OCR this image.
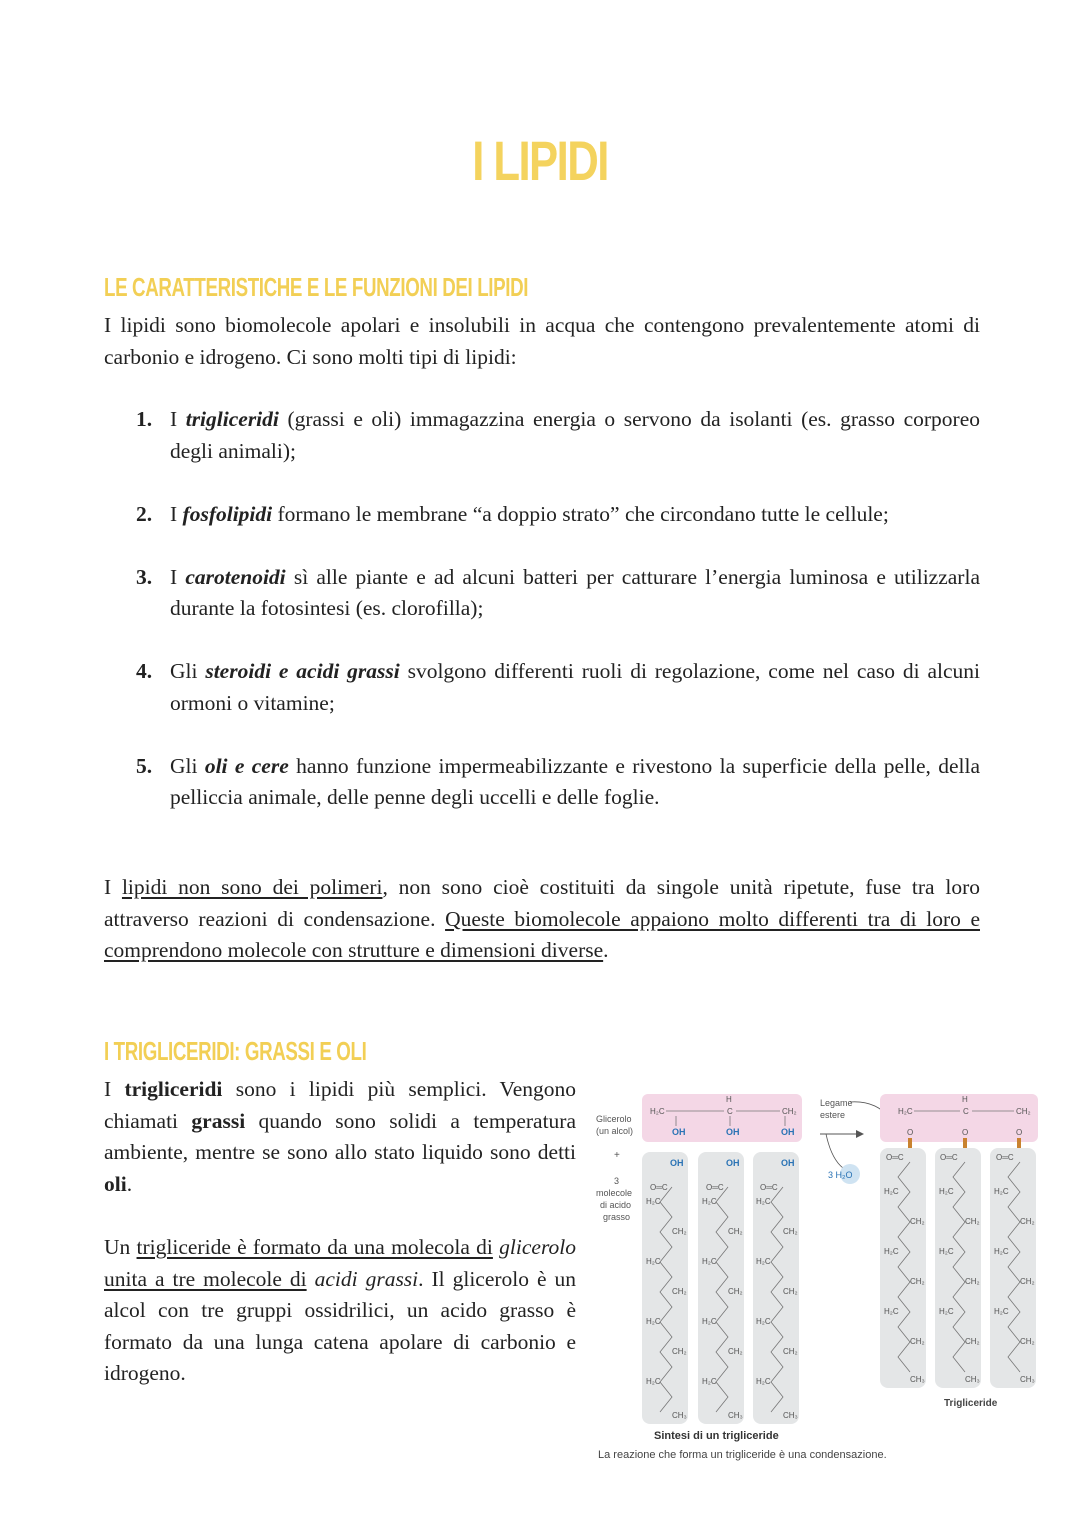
I LIPIDI
LE CARATTERISTICHE E LE FUNZIONI DEI LIPIDI
I lipidi sono biomolecole apolari e insolubili in acqua che contengono prevalentemente atomi di carbonio e idrogeno. Ci sono molti tipi di lipidi:
1. I trigliceridi (grassi e oli) immagazzina energia o servono da isolanti (es. grasso corporeo degli animali);
2. I fosfolipidi formano le membrane “a doppio strato” che circondano tutte le cellule;
3. I carotenoidi sì alle piante e ad alcuni batteri per catturare l’energia luminosa e utilizzarla durante la fotosintesi (es. clorofilla);
4. Gli steroidi e acidi grassi svolgono differenti ruoli di regolazione, come nel caso di alcuni ormoni o vitamine;
5. Gli oli e cere hanno funzione impermeabilizzante e rivestono la superficie della pelle, della pelliccia animale, delle penne degli uccelli e delle foglie.
I lipidi non sono dei polimeri, non sono cioè costituiti da singole unità ripetute, fuse tra loro attraverso reazioni di condensazione. Queste biomolecole appaiono molto differenti tra di loro e comprendono molecole con strutture e dimensioni diverse.
I TRIGLICERIDI: GRASSI E OLI
I trigliceridi sono i lipidi più semplici. Vengono chiamati grassi quando sono solidi a temperatura ambiente, mentre se sono allo stato liquido sono detti oli.
Un trigliceride è formato da una molecola di glicerolo unita a tre molecole di acidi grassi. Il glicerolo è un alcol con tre gruppi ossidrilici, un acido grasso è formato da una lunga catena apolare di carbonio e idrogeno.
H₂C
H
C	CH₂
OH	OH	OH
Glicerolo
(un alcol)
+
3
molecole
di acido
grasso
OH	OH	OH
O═C	O═C	O═C
H₂C	H₂C	H₂C
CH₂	CH₂	CH₂
H₂C	H₂C	H₂C
CH₂	CH₂	CH₂
H₂C	H₂C	H₂C
CH₂	CH₂	CH₂
H₂C	H₂C	H₂C
CH₃	CH₃	CH₃
Legame
estere
3 H₂O
H₂C
H
C	CH₂
O	O	O
O═C	O═C	O═C
H₂C	H₂C	H₂C
CH₂	CH₂	CH₂
H₂C	H₂C	H₂C
CH₂	CH₂	CH₂
H₂C	H₂C	H₂C
CH₂	CH₂	CH₂
CH₃	CH₃	CH₃
Trigliceride
Sintesi di un trigliceride
La reazione che forma un trigliceride è una condensazione.
